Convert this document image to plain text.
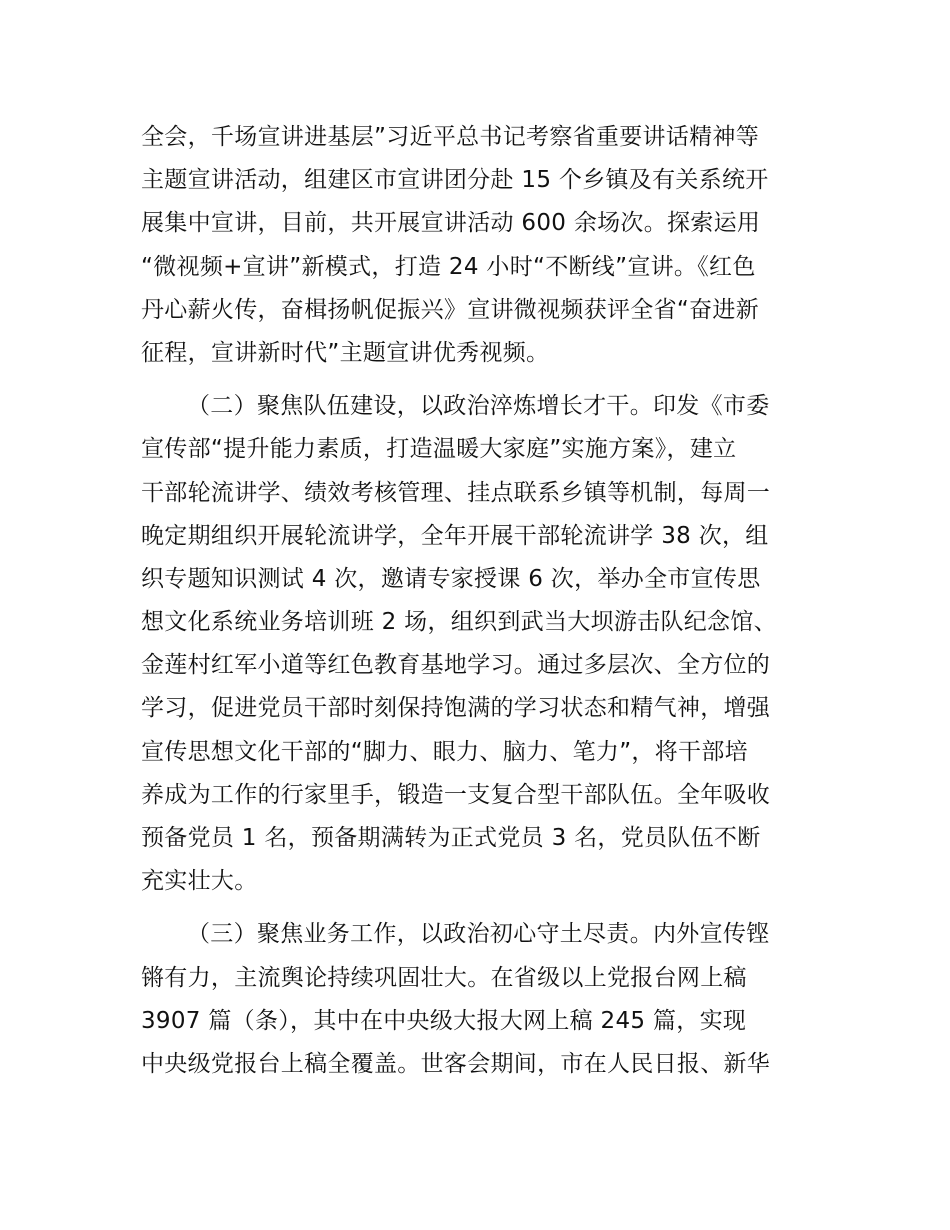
全会，千场宣讲进基层”习近平总书记考察省重要讲话精神等
主题宣讲活动，组建区市宣讲团分赴 15 个乡镇及有关系统开
展集中宣讲，目前，共开展宣讲活动 600 余场次。探索运用
“微视频+宣讲”新模式，打造 24 小时“不断线”宣讲。《红色
丹心薪火传，奋楫扬帆促振兴》宣讲微视频获评全省“奋进新
征程，宣讲新时代”主题宣讲优秀视频。
（二）聚焦队伍建设，以政治淬炼增长才干。印发《市委
宣传部“提升能力素质，打造温暖大家庭”实施方案》，建立
干部轮流讲学、绩效考核管理、挂点联系乡镇等机制，每周一
晚定期组织开展轮流讲学，全年开展干部轮流讲学 38 次，组
织专题知识测试 4 次，邀请专家授课 6 次，举办全市宣传思
想文化系统业务培训班 2 场，组织到武当大坝游击队纪念馆、
金莲村红军小道等红色教育基地学习。通过多层次、全方位的
学习，促进党员干部时刻保持饱满的学习状态和精气神，增强
宣传思想文化干部的“脚力、眼力、脑力、笔力”，将干部培
养成为工作的行家里手，锻造一支复合型干部队伍。全年吸收
预备党员 1 名，预备期满转为正式党员 3 名，党员队伍不断
充实壮大。
（三）聚焦业务工作，以政治初心守土尽责。内外宣传铿
锵有力，主流舆论持续巩固壮大。在省级以上党报台网上稿
3907 篇（条），其中在中央级大报大网上稿 245 篇，实现
中央级党报台上稿全覆盖。世客会期间，市在人民日报、新华
